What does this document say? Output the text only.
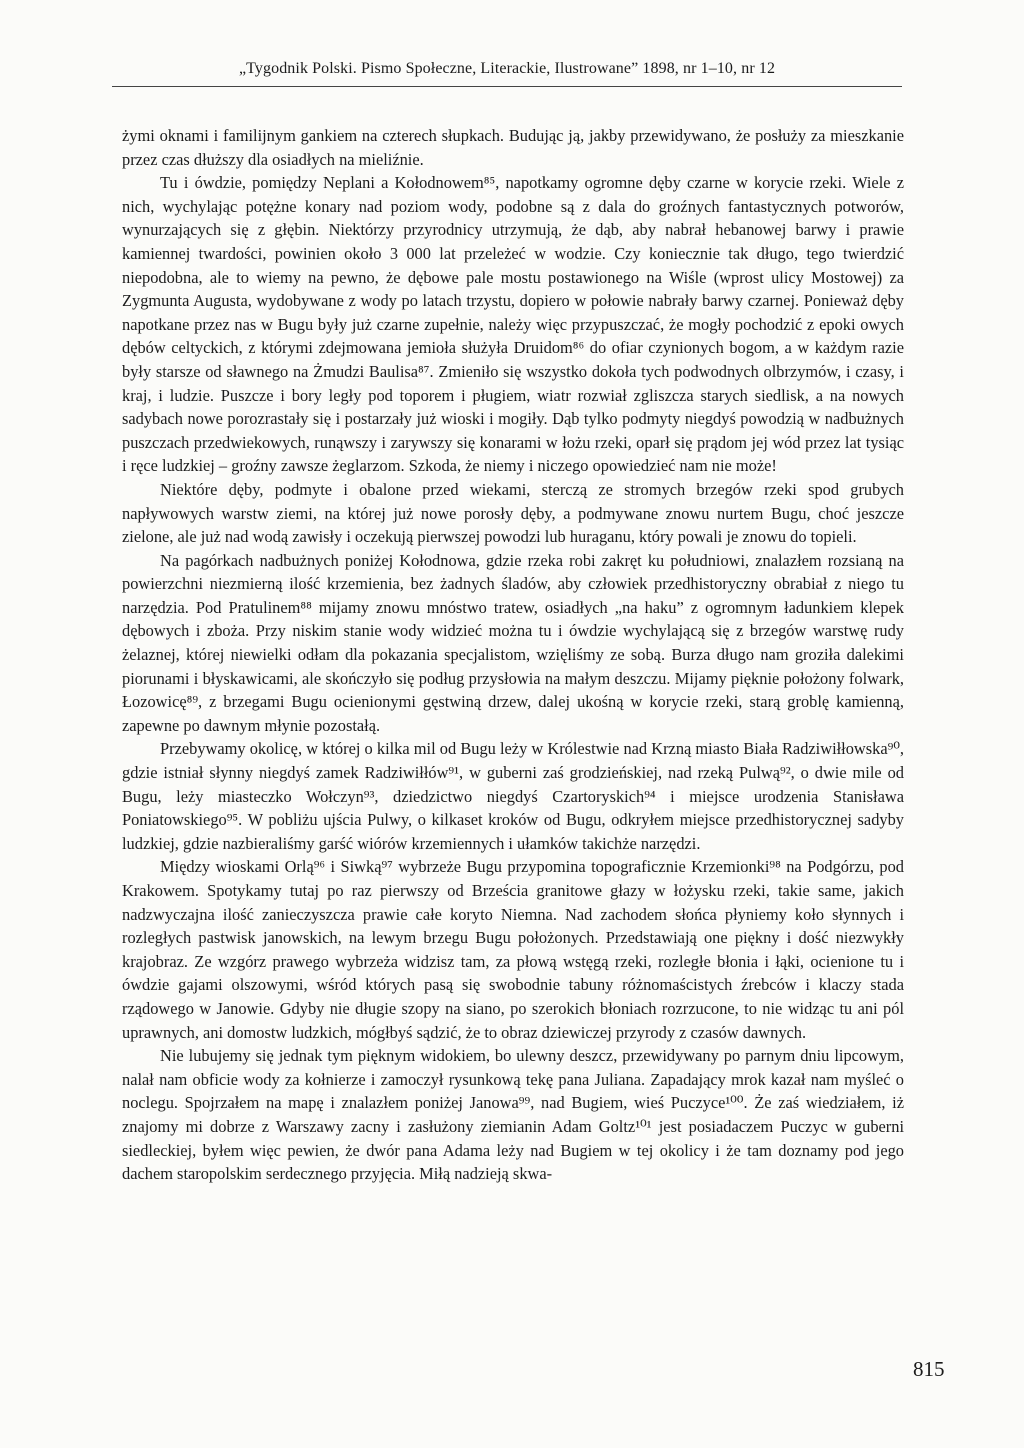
„Tygodnik Polski. Pismo Społeczne, Literackie, Ilustrowane” 1898, nr 1–10, nr 12

żymi oknami i familijnym gankiem na czterech słupkach. Budując ją, jakby przewidywano, że posłuży za mieszkanie przez czas dłuższy dla osiadłych na mieliźnie.

Tu i ówdzie, pomiędzy Neplani a Kołodnowem⁸⁵, napotkamy ogromne dęby czarne w korycie rzeki. Wiele z nich, wychylając potężne konary nad poziom wody, podobne są z dala do groźnych fantastycznych potworów, wynurzających się z głębin. Niektórzy przyrodnicy utrzymują, że dąb, aby nabrał hebanowej barwy i prawie kamiennej twardości, powinien około 3 000 lat przeleżeć w wodzie. Czy koniecznie tak długo, tego twierdzić niepodobna, ale to wiemy na pewno, że dębowe pale mostu postawionego na Wiśle (wprost ulicy Mostowej) za Zygmunta Augusta, wydobywane z wody po latach trzystu, dopiero w połowie nabrały barwy czarnej. Ponieważ dęby napotkane przez nas w Bugu były już czarne zupełnie, należy więc przypuszczać, że mogły pochodzić z epoki owych dębów celtyckich, z którymi zdejmowana jemioła służyła Druidom⁸⁶ do ofiar czynionych bogom, a w każdym razie były starsze od sławnego na Żmudzi Baulisa⁸⁷. Zmieniło się wszystko dokoła tych podwodnych olbrzymów, i czasy, i kraj, i ludzie. Puszcze i bory legły pod toporem i pługiem, wiatr rozwiał zgliszcza starych siedlisk, a na nowych sadybach nowe porozrastały się i postarzały już wioski i mogiły. Dąb tylko podmyty niegdyś powodzią w nadbużnych puszczach przedwiekowych, runąwszy i zarywszy się konarami w łożu rzeki, oparł się prądom jej wód przez lat tysiąc i ręce ludzkiej – groźny zawsze żeglarzom. Szkoda, że niemy i niczego opowiedzieć nam nie może!

Niektóre dęby, podmyte i obalone przed wiekami, sterczą ze stromych brzegów rzeki spod grubych napływowych warstw ziemi, na której już nowe porosły dęby, a podmywane znowu nurtem Bugu, choć jeszcze zielone, ale już nad wodą zawisły i oczekują pierwszej powodzi lub huraganu, który powali je znowu do topieli.

Na pagórkach nadbużnych poniżej Kołodnowa, gdzie rzeka robi zakręt ku południowi, znalazłem rozsianą na powierzchni niezmierną ilość krzemienia, bez żadnych śladów, aby człowiek przedhistoryczny obrabiał z niego tu narzędzia. Pod Pratulinem⁸⁸ mijamy znowu mnóstwo tratew, osiadłych „na haku” z ogromnym ładunkiem klepek dębowych i zboża. Przy niskim stanie wody widzieć można tu i ówdzie wychylającą się z brzegów warstwę rudy żelaznej, której niewielki odłam dla pokazania specjalistom, wzięliśmy ze sobą. Burza długo nam groziła dalekimi piorunami i błyskawicami, ale skończyło się podług przysłowia na małym deszczu. Mijamy pięknie położony folwark, Łozowicę⁸⁹, z brzegami Bugu ocienionymi gęstwiną drzew, dalej ukośną w korycie rzeki, starą groblę kamienną, zapewne po dawnym młynie pozostałą.

Przebywamy okolicę, w której o kilka mil od Bugu leży w Królestwie nad Krzną miasto Biała Radziwiłłowska⁹⁰, gdzie istniał słynny niegdyś zamek Radziwiłłów⁹¹, w guberni zaś grodzieńskiej, nad rzeką Pulwą⁹², o dwie mile od Bugu, leży miasteczko Wołczyn⁹³, dziedzictwo niegdyś Czartoryskich⁹⁴ i miejsce urodzenia Stanisława Poniatowskiego⁹⁵. W pobliżu ujścia Pulwy, o kilkaset kroków od Bugu, odkryłem miejsce przedhistorycznej sadyby ludzkiej, gdzie nazbieraliśmy garść wiórów krzemiennych i ułamków takichże narzędzi.

Między wioskami Orlą⁹⁶ i Siwką⁹⁷ wybrzeże Bugu przypomina topograficznie Krzemionki⁹⁸ na Podgórzu, pod Krakowem. Spotykamy tutaj po raz pierwszy od Brześcia granitowe głazy w łożysku rzeki, takie same, jakich nadzwyczajna ilość zanieczyszcza prawie całe koryto Niemna. Nad zachodem słońca płyniemy koło słynnych i rozległych pastwisk janowskich, na lewym brzegu Bugu położonych. Przedstawiają one piękny i dość niezwykły krajobraz. Ze wzgórz prawego wybrzeża widzisz tam, za płową wstęgą rzeki, rozległe błonia i łąki, ocienione tu i ówdzie gajami olszowymi, wśród których pasą się swobodnie tabuny różnomaścistych źrebców i klaczy stada rządowego w Janowie. Gdyby nie długie szopy na siano, po szerokich błoniach rozrzucone, to nie widząc tu ani pól uprawnych, ani domostw ludzkich, mógłbyś sądzić, że to obraz dziewiczej przyrody z czasów dawnych.

Nie lubujemy się jednak tym pięknym widokiem, bo ulewny deszcz, przewidywany po parnym dniu lipcowym, nalał nam obficie wody za kołnierze i zamoczył rysunkową tekę pana Juliana. Zapadający mrok kazał nam myśleć o noclegu. Spojrzałem na mapę i znalazłem poniżej Janowa⁹⁹, nad Bugiem, wieś Puczyce¹⁰⁰. Że zaś wiedziałem, iż znajomy mi dobrze z Warszawy zacny i zasłużony ziemianin Adam Goltz¹⁰¹ jest posiadaczem Puczyc w guberni siedleckiej, byłem więc pewien, że dwór pana Adama leży nad Bugiem w tej okolicy i że tam doznamy pod jego dachem staropolskim serdecznego przyjęcia. Miłą nadzieją skwa-

815
